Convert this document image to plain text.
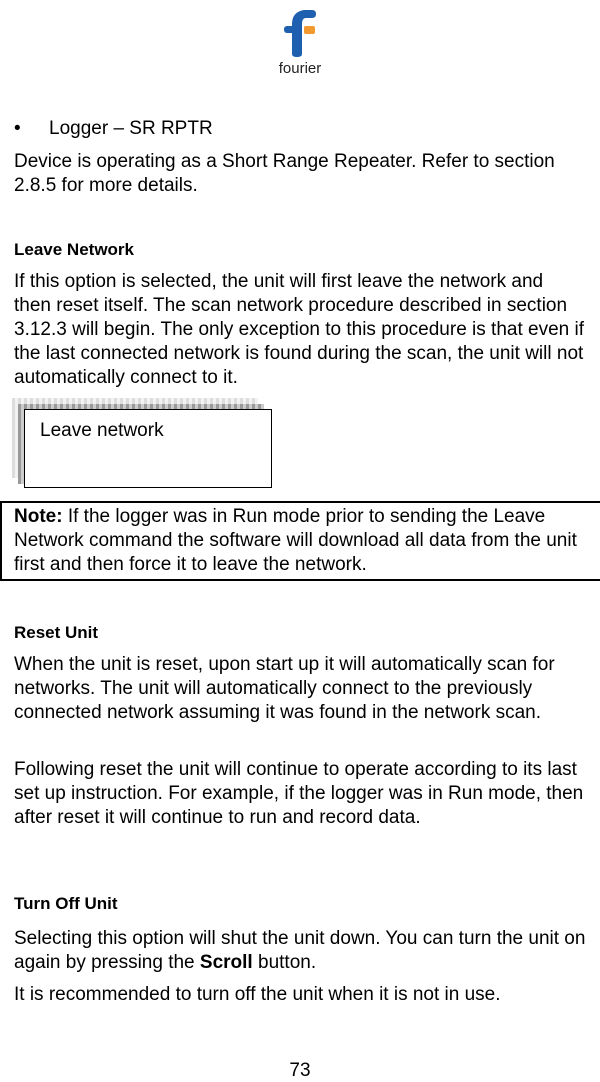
fourier
• Logger – SR RPTR

Device is operating as a Short Range Repeater. Refer to section 2.8.5 for more details.

Leave Network

If this option is selected, the unit will first leave the network and then reset itself. The scan network procedure described in section 3.12.3 will begin. The only exception to this procedure is that even if the last connected network is found during the scan, the unit will not automatically connect to it.

Leave network
Note: If the logger was in Run mode prior to sending the Leave Network command the software will download all data from the unit first and then force it to leave the network.

Reset Unit

When the unit is reset, upon start up it will automatically scan for networks. The unit will automatically connect to the previously connected network assuming it was found in the network scan.

Following reset the unit will continue to operate according to its last set up instruction. For example, if the logger was in Run mode, then after reset it will continue to run and record data.

Turn Off Unit

Selecting this option will shut the unit down. You can turn the unit on again by pressing the Scroll button.

It is recommended to turn off the unit when it is not in use.

73
